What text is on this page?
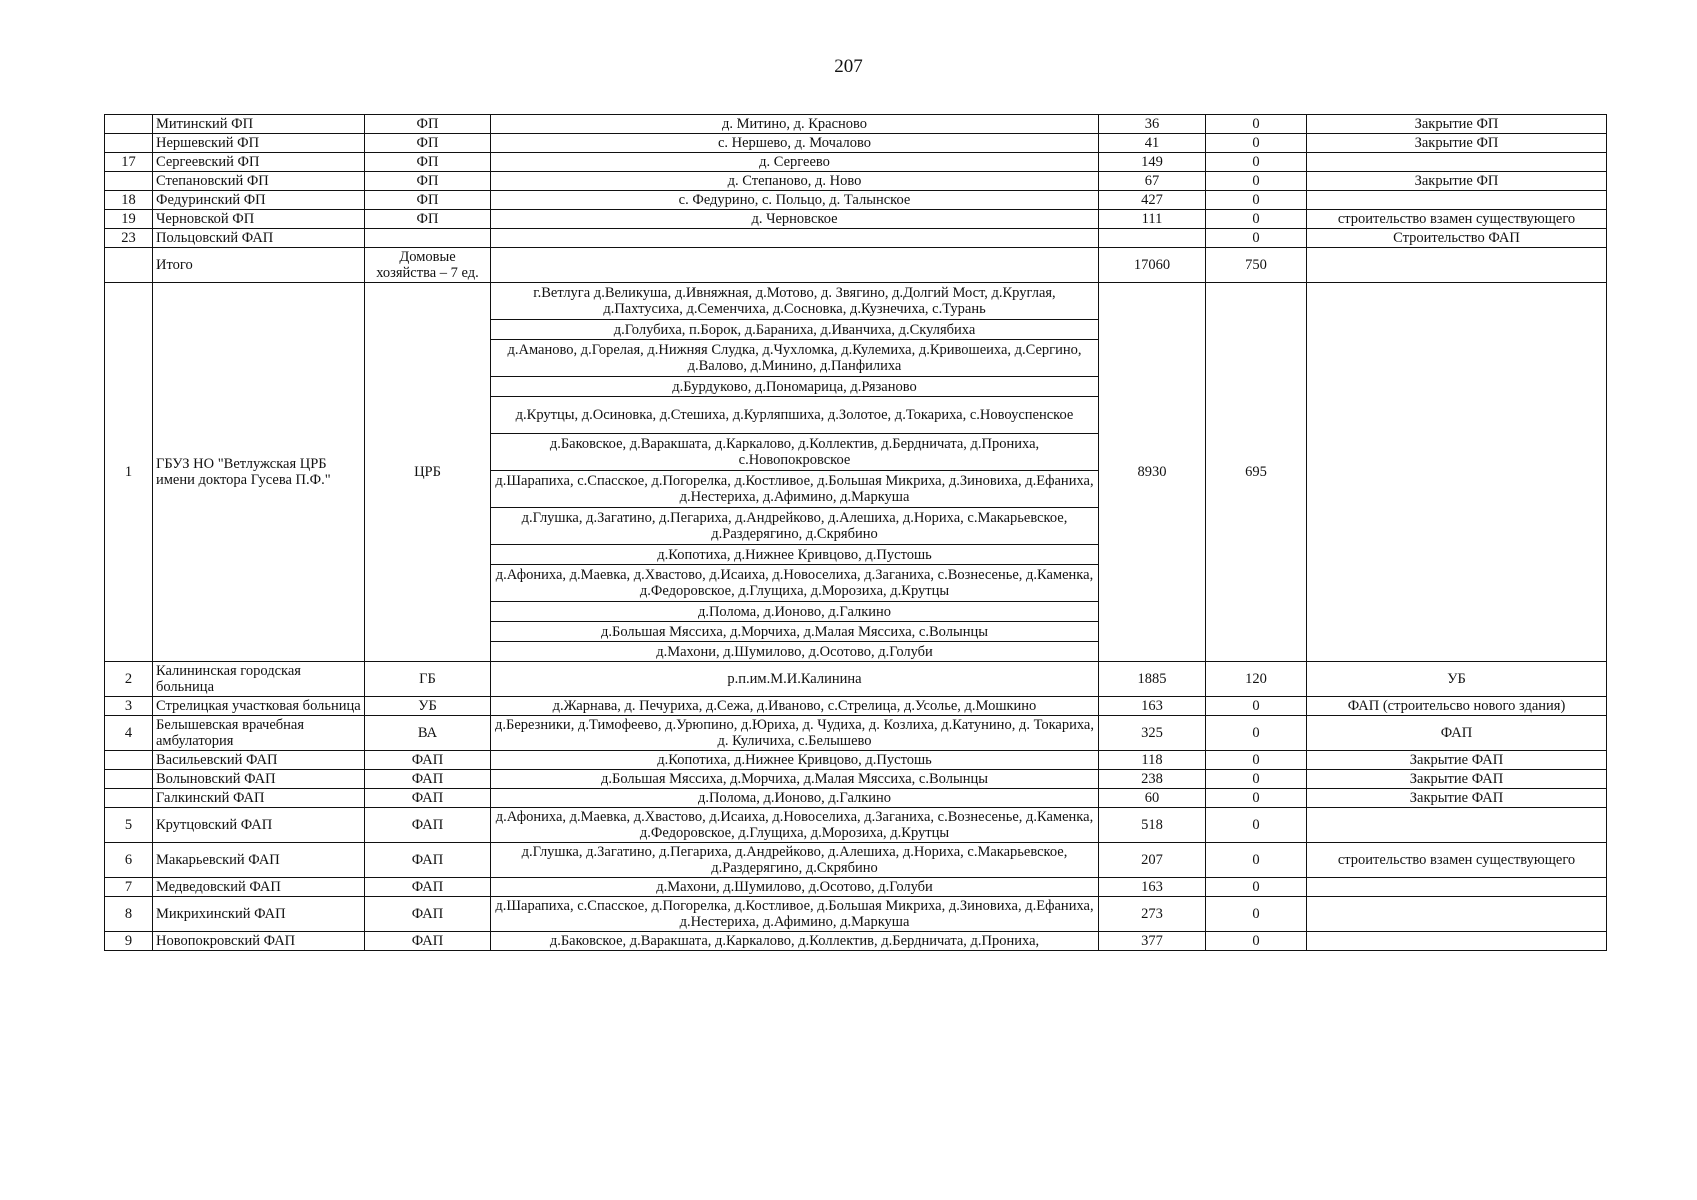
207
	Митинский ФП	ФП	д. Митино, д. Красново	36	0	Закрытие ФП
	Нершевский ФП	ФП	с. Нершево, д. Мочалово	41	0	Закрытие ФП
17	Сергеевский ФП	ФП	д. Сергеево	149	0	
	Степановский ФП	ФП	д. Степаново, д. Ново	67	0	Закрытие ФП
18	Федуринский ФП	ФП	с. Федурино, с. Польцо, д. Талынское	427	0	
19	Черновской ФП	ФП	д. Черновское	111	0	строительство взамен существующего
23	Польцовский ФАП				0	Строительство ФАП
	Итого	Домовые хозяйства – 7 ед.		17060	750	
1	ГБУЗ НО "Ветлужская ЦРБ имени доктора Гусева П.Ф."	ЦРБ	г.Ветлуга д.Великуша, д.Ивняжная, д.Мотово, д. Звягино, д.Долгий Мост, д.Круглая, д.Пахтусиха, д.Семенчиха, д.Сосновка, д.Кузнечиха, с.Турань	8930	695	
			д.Голубиха, п.Борок, д.Бараниха, д.Иванчиха, д.Скулябиха			
			д.Аманово, д.Горелая, д.Нижняя Слудка, д.Чухломка, д.Кулемиха, д.Кривошеиха, д.Сергино, д.Валово, д.Минино, д.Панфилиха			
			д.Бурдуково, д.Пономарица, д.Рязаново			
			д.Крутцы, д.Осиновка, д.Стешиха, д.Курляпшиха, д.Золотое, д.Токариха, с.Новоуспенское			
			д.Баковское, д.Варакшата, д.Каркалово, д.Коллектив, д.Бердничата, д.Прониха, с.Новопокровское			
			д.Шарапиха, с.Спасское, д.Погорелка, д.Костливое, д.Большая Микриха, д.Зиновиха, д.Ефаниха, д.Нестериха, д.Афимино, д.Маркуша			
			д.Глушка, д.Загатино, д.Пегариха, д.Андрейково, д.Алешиха, д.Нориха, с.Макарьевское, д.Раздерягино, д.Скрябино			
			д.Копотиха, д.Нижнее Кривцово, д.Пустошь			
			д.Афониха, д.Маевка, д.Хвастово, д.Исаиха, д.Новоселиха, д.Заганиха, с.Вознесенье, д.Каменка, д.Федоровское, д.Глущиха, д.Морозиха, д.Крутцы			
			д.Полома, д.Ионово, д.Галкино			
			д.Большая Мяссиха, д.Морчиха, д.Малая Мяссиха, с.Волынцы			
			д.Махони, д.Шумилово, д.Осотово, д.Голуби			
2	Калининская городская больница	ГБ	р.п.им.М.И.Калинина	1885	120	УБ
3	Стрелицкая участковая больница	УБ	д.Жарнава, д. Печуриха, д.Сежа, д.Иваново, с.Стрелица, д.Усолье, д.Мошкино	163	0	ФАП (строительсво нового здания)
4	Белышевская врачебная амбулатория	ВА	д.Березники, д.Тимофеево, д.Урюпино, д.Юриха, д. Чудиха, д. Козлиха, д.Катунино, д. Токариха, д. Куличиха, с.Белышево	325	0	ФАП
	Васильевский ФАП	ФАП	д.Копотиха, д.Нижнее Кривцово, д.Пустошь	118	0	Закрытие ФАП
	Волыновский ФАП	ФАП	д.Большая Мяссиха, д.Морчиха, д.Малая Мяссиха, с.Волынцы	238	0	Закрытие ФАП
	Галкинский ФАП	ФАП	д.Полома, д.Ионово, д.Галкино	60	0	Закрытие ФАП
5	Крутцовский ФАП	ФАП	д.Афониха, д.Маевка, д.Хвастово, д.Исаиха, д.Новоселиха, д.Заганиха, с.Вознесенье, д.Каменка, д.Федоровское, д.Глущиха, д.Морозиха, д.Крутцы	518	0	
6	Макарьевский ФАП	ФАП	д.Глушка, д.Загатино, д.Пегариха, д.Андрейково, д.Алешиха, д.Нориха, с.Макарьевское, д.Раздерягино, д.Скрябино	207	0	строительство взамен существующего
7	Медведовский ФАП	ФАП	д.Махони, д.Шумилово, д.Осотово, д.Голуби	163	0	
8	Микрихинский ФАП	ФАП	д.Шарапиха, с.Спасское, д.Погорелка, д.Костливое, д.Большая Микриха, д.Зиновиха, д.Ефаниха, д.Нестериха, д.Афимино, д.Маркуша	273	0	
9	Новопокровский ФАП	ФАП	д.Баковское, д.Варакшата, д.Каркалово, д.Коллектив, д.Бердничата, д.Прониха,	377	0	
